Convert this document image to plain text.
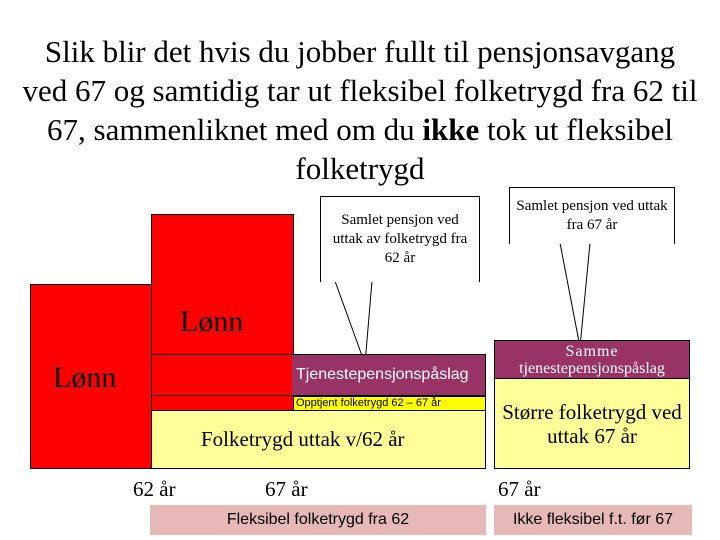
Slik blir det hvis du jobber fullt til pensjonsavgang ved 67 og samtidig tar ut fleksibel folketrygd fra 62 til 67, sammenliknet med om du ikke tok ut fleksibel folketrygd
Samlet pensjon ved uttak av folketrygd fra 62 år
Samlet pensjon ved uttak fra 67 år
Lønn
Lønn
Tjenestepensjonspåslag
Opptjent folketrygd 62 – 67 år
Folketrygd uttak v/62 år
Samme
tjenestepensjonspåslag
Større folketrygd ved uttak 67 år
62 år	67 år	67 år
Fleksibel folketrygd fra 62	Ikke fleksibel f.t. før 67
